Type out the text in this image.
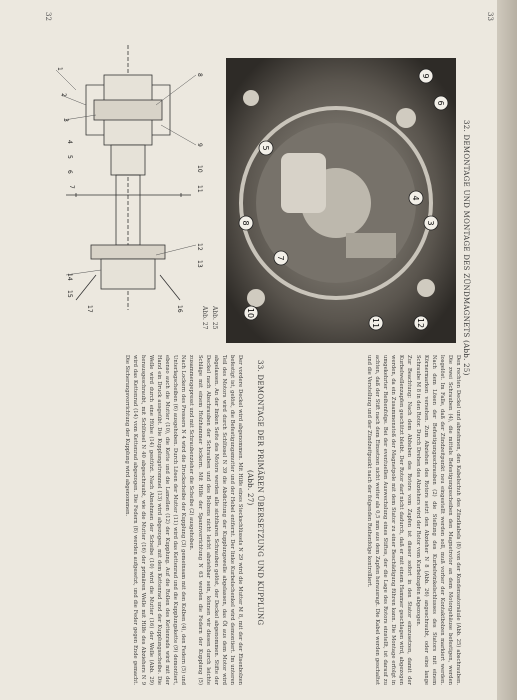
32	33
1
2
3
4
5
6
7
8
9
10
11
12
13
14
15
16
17
3
4
5
6
7
8
9
10
11	12
Abb. 25
Abb. 27	32. DEMONTAGE UND MONTAGE DES ZÜNDMAGNETS (Abb. 25)
Den rechten Deckel und abnehmen, den Kabelschuh des Zündkabels (8) von der Kondensatorsäule (Abb. 25) abschrauben. Die zwei Schrauben (4), die mittels Befestigungsscheiben den Magnetrotor an dem Motorgehäuse befestigen, werden losgelöst. Im Falle, daß der Zündzeitpunkt neu eingestellt werden soll, muß vorher der Kontaktbolzen markiert werden. Nach dem Lösen der Befestigungsschrauben (2) die Stellung des Kurbelwinkelschlusses des Stators mit einem Körnermarken versehen. Zum Abziehen des Rotors setzt den Abzieher N 8 (Abb. 26) angeschraubt, oder eine lange Schraube M 8 in den Rotor. Durch Drehen des Abziehers wird der Rotor vom Kurbelzapfen abgezogen.
Zur Beachtung: Nach dem Abheben des Rotors vom Zapfen ist dieser sofort in den Stator einzusetzen, damit der Kurbelwellenzapfen geschützt bleibt. Der Rotor darf nicht dadurch, daß er mit einem Hammer geschlagen wird, abgezogen werden, da ein Zusammenstoß der Magnetpole mit dem Stator zu einer Beschädigung führen kann. Die Montage erfolgt in umgekehrter Reihenfolge. Bei der eventuellen Auswechslung eines Stiftes, der die Lage des Rotors einstellt, ist darauf zu achten, daß der Stift nach dem Einsetzen nicht weiter als 0,5 mm aus dem Zapfen herausragt. Die Kabel werden geschaltet und die Verstellung und der Zündzeitpunkt nach der folgenden Reihenfolge kontrolliert.
33. DEMONTAGE DER PRIMÄREN ÜBERSETZUNG UND KUPPLUNG
(Abb. 27)
Der vordere Deckel wird abgenommen. Mit Hilfe eines Steckschlüssels N 29 wird die Mutter M 8, mit der der Eisenbolzen befestigt ist, gelöst, die Befestigungsmutter und der Hebel entfernt. Der linke Kurbelschenkel wird demontiert. Im unteren Teil des Motors wird durch Schlüssel N 39 die Abdichtung der Kupplungswelle abgelassen, das Öl aus dem Motor wird abgelassen. An der linken Seite des Motors werden alle sichtbaren Schrauben gelöst, der Deckel abgenommen. Stifte der Deckel nach Abschrauben der Schrauben und des Bolzens nicht leicht abziehbar sein, können wir diesen durch leichte Schläge mit einem Holzhammer lockern. Mit Hilfe der Spannvorrichtung N 63 werden die Federn der Kupplung (5) zusammengepresst und mit Schraubenzieher die Scheibe (2) ausgehoben.
Nach Lockern des Pressers N 4 wird die Druckscheibe der Kupplung (3) gemeinsam mit den Kolben (4), den Federn (5) und Unterlagscheiben (6) ausgehoben. Durch Lösen der Mutter (11) wird das Kettenrad und die Kupplungskette (9) demontiert, ebenso auch die Mutter (10), die Kette und die Lamellen (12) der Kupplung. Auf die Rollen des Kettenrads wird mit der Hand ein Druck ausgeübt. Die Kupplungstrommel (13) wird abgezogen, mit dem Kettenrad und der Kupplungsscheibe. Die Welle wird durch eine Hülse (14) gestützt. Nach Abnehmen der Scheibe (10) wird die Mutter (16) der Welle (Abb. 29) herausgeschraubt, mit Schlüssel N 40 abgeschraubt, wie die Mutter (16) der primären Welle mit Hilfe des Abziehers N 9 wird das Kettenrad (14) vom Kettenrad abgezogen. Die Federn (8) werden aufgesetzt, und die Feder gegen Ende gemacht. Die Sicherungsvorrichtung der Kupplung wird abgenommen.
